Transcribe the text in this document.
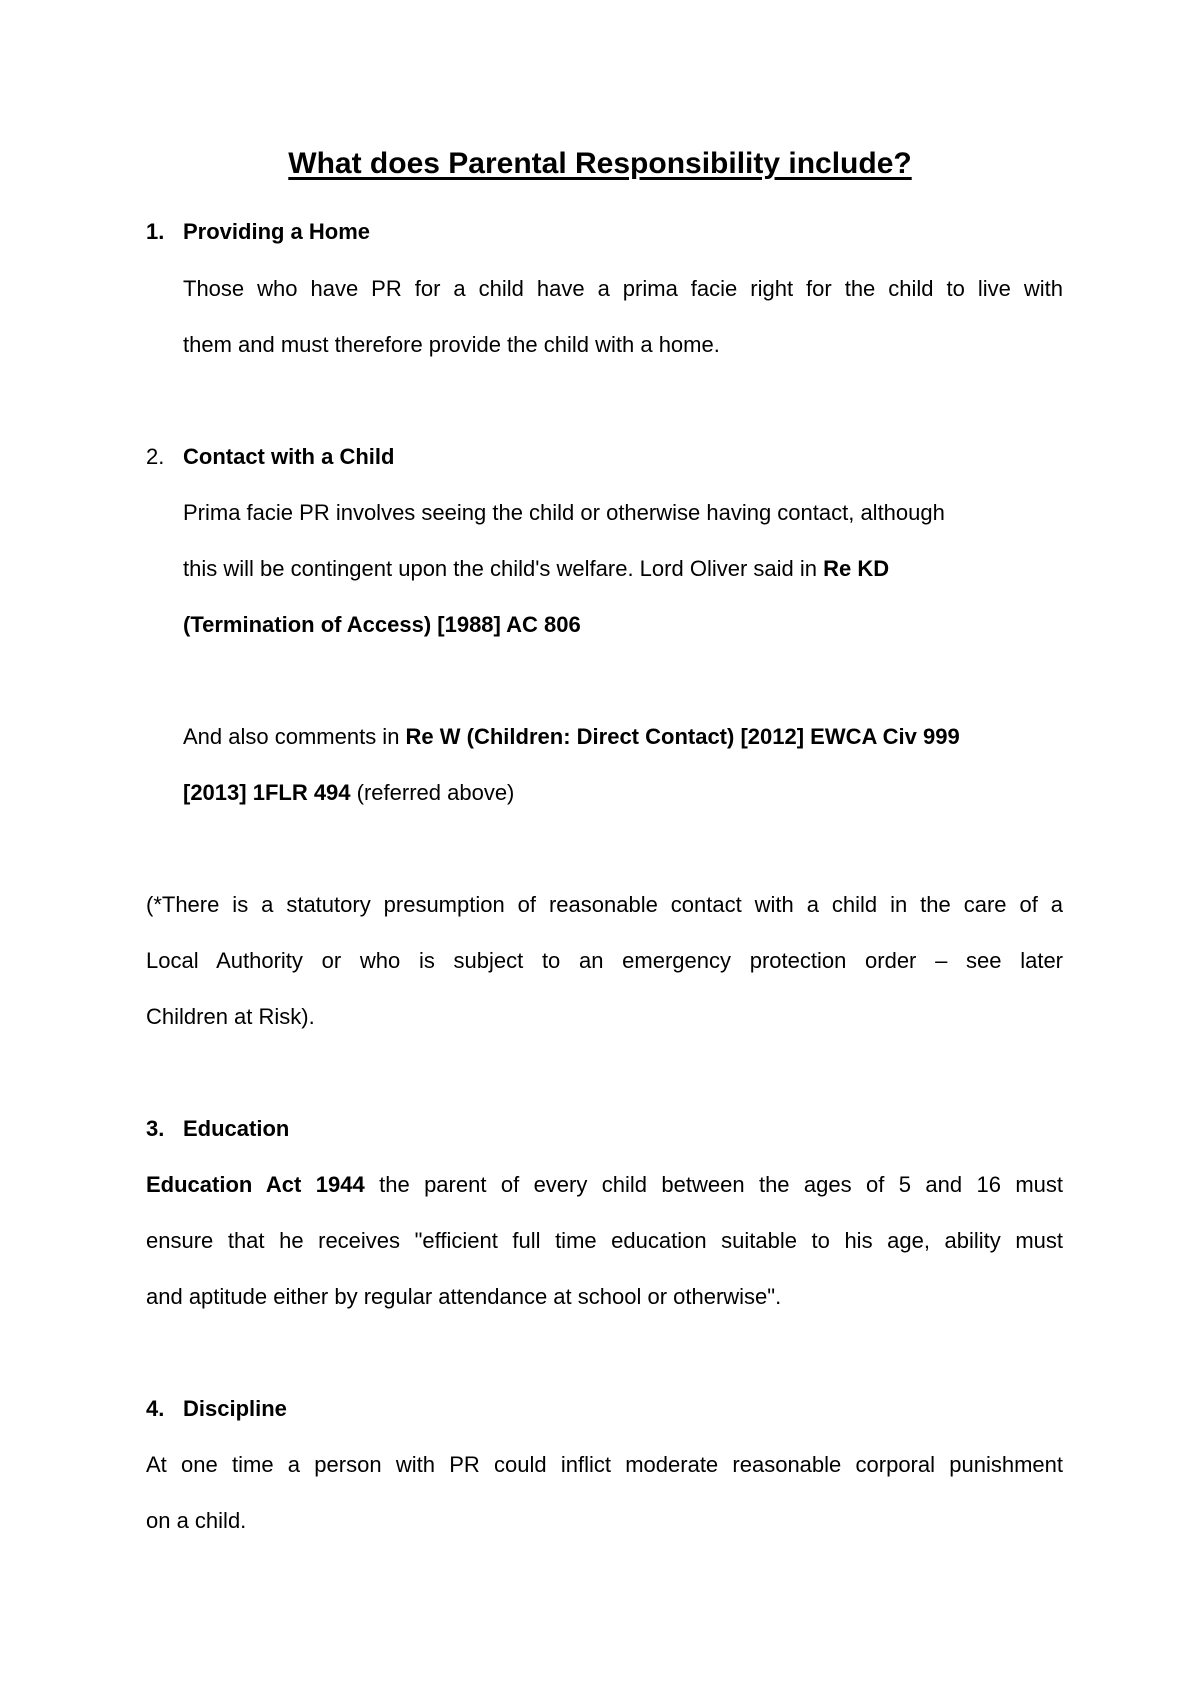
What does Parental Responsibility include?
1. Providing a Home
Those who have PR for a child have a prima facie right for the child to live with
them and must therefore provide the child with a home.
2. Contact with a Child
Prima facie PR involves seeing the child or otherwise having contact, although
this will be contingent upon the child's welfare. Lord Oliver said in Re KD
(Termination of Access) [1988] AC 806
And also comments in Re W (Children: Direct Contact) [2012] EWCA Civ 999
[2013] 1FLR 494 (referred above)
(*There is a statutory presumption of reasonable contact with a child in the care of a
Local Authority or who is subject to an emergency protection order – see later
Children at Risk).
3. Education
Education Act 1944 the parent of every child between the ages of 5 and 16 must
ensure that he receives "efficient full time education suitable to his age, ability must
and aptitude either by regular attendance at school or otherwise".
4. Discipline
At one time a person with PR could inflict moderate reasonable corporal punishment
on a child.
